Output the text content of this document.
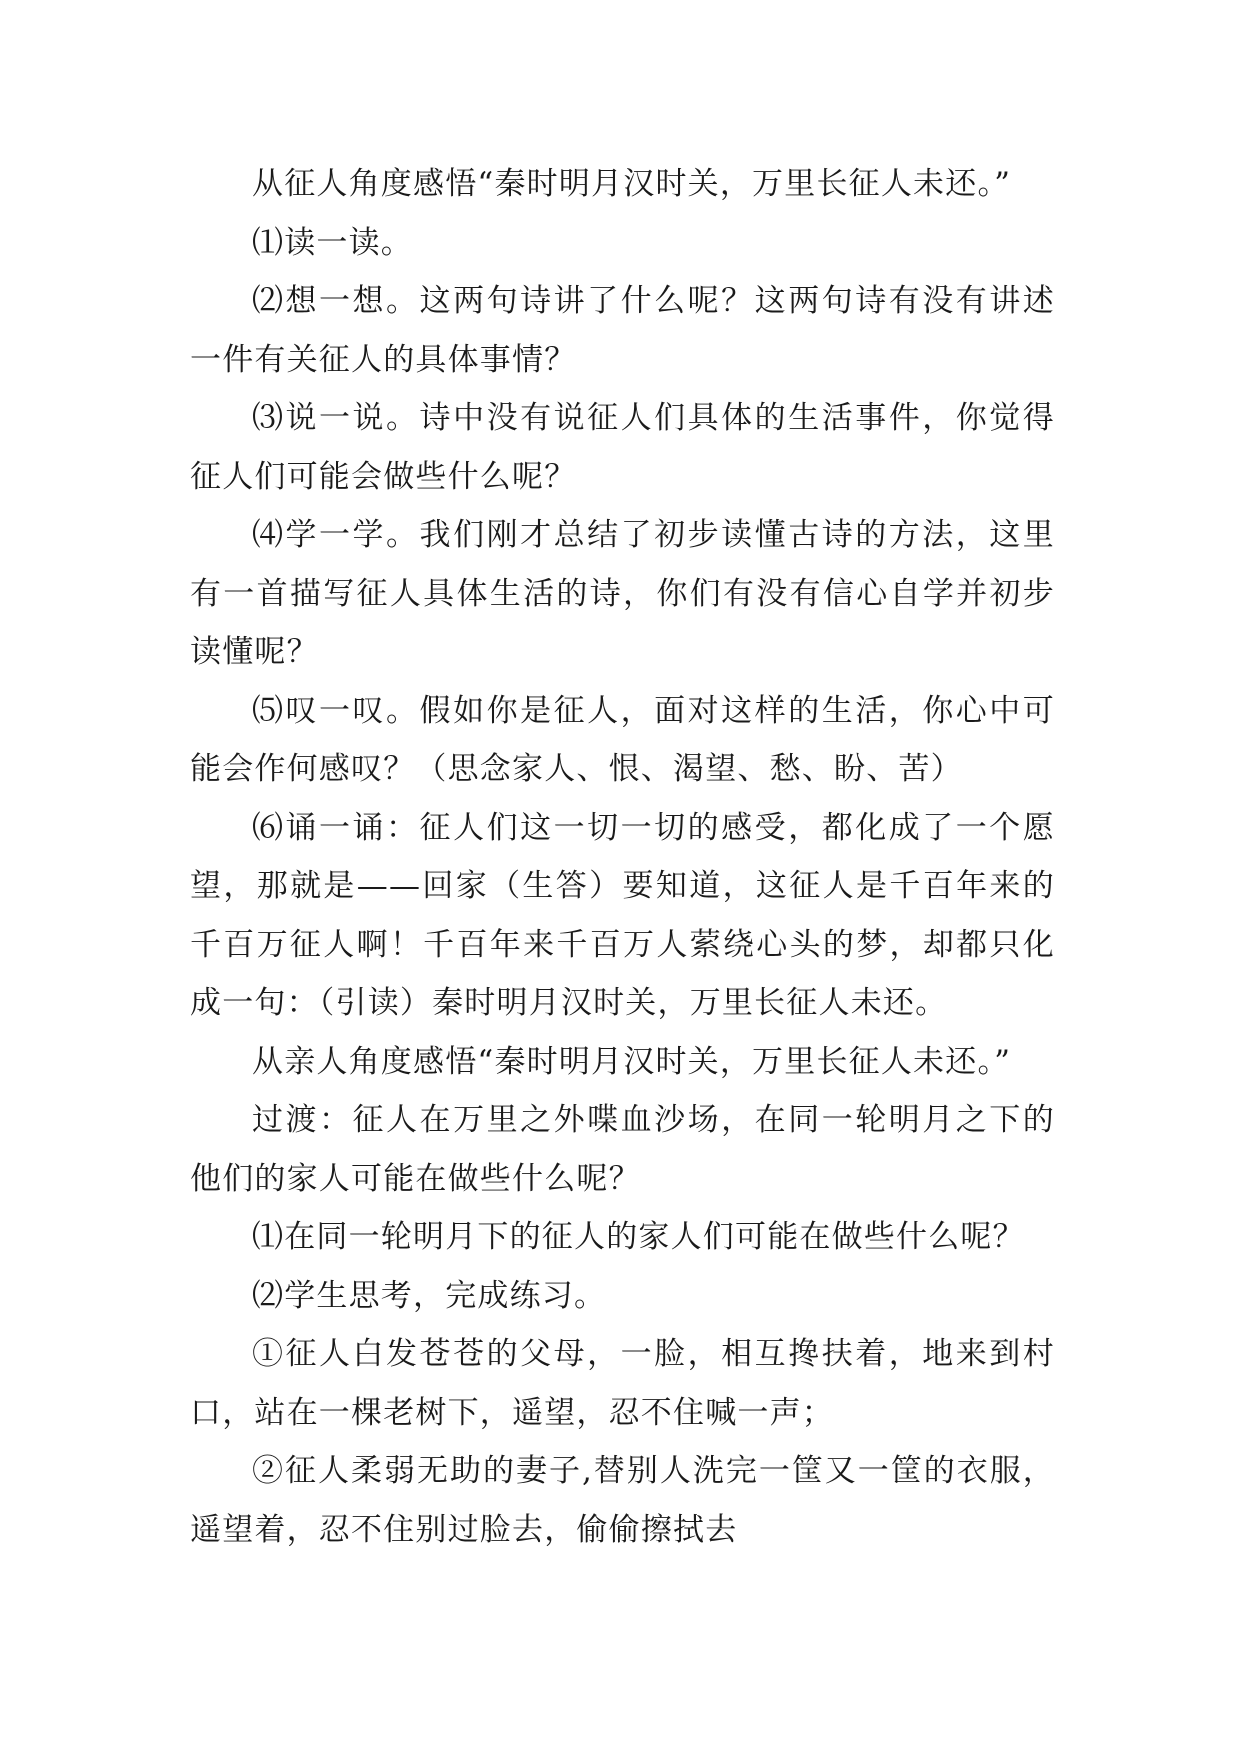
从征人角度感悟“秦时明月汉时关，万里长征人未还。”

⑴读一读。

⑵想一想。这两句诗讲了什么呢？这两句诗有没有讲述一件有关征人的具体事情？

⑶说一说。诗中没有说征人们具体的生活事件，你觉得征人们可能会做些什么呢？

⑷学一学。我们刚才总结了初步读懂古诗的方法，这里有一首描写征人具体生活的诗，你们有没有信心自学并初步读懂呢？

⑸叹一叹。假如你是征人，面对这样的生活，你心中可能会作何感叹？（思念家人、恨、渴望、愁、盼、苦）

⑹诵一诵：征人们这一切一切的感受，都化成了一个愿望，那就是——回家（生答）要知道，这征人是千百年来的千百万征人啊！千百年来千百万人萦绕心头的梦，却都只化成一句：（引读）秦时明月汉时关，万里长征人未还。

从亲人角度感悟“秦时明月汉时关，万里长征人未还。”

过渡：征人在万里之外喋血沙场，在同一轮明月之下的他们的家人可能在做些什么呢？

⑴在同一轮明月下的征人的家人们可能在做些什么呢？

⑵学生思考，完成练习。

①征人白发苍苍的父母，一脸，相互搀扶着，地来到村口，站在一棵老树下，遥望，忍不住喊一声；

②征人柔弱无助的妻子,替别人洗完一筐又一筐的衣服，遥望着，忍不住别过脸去，偷偷擦拭去
